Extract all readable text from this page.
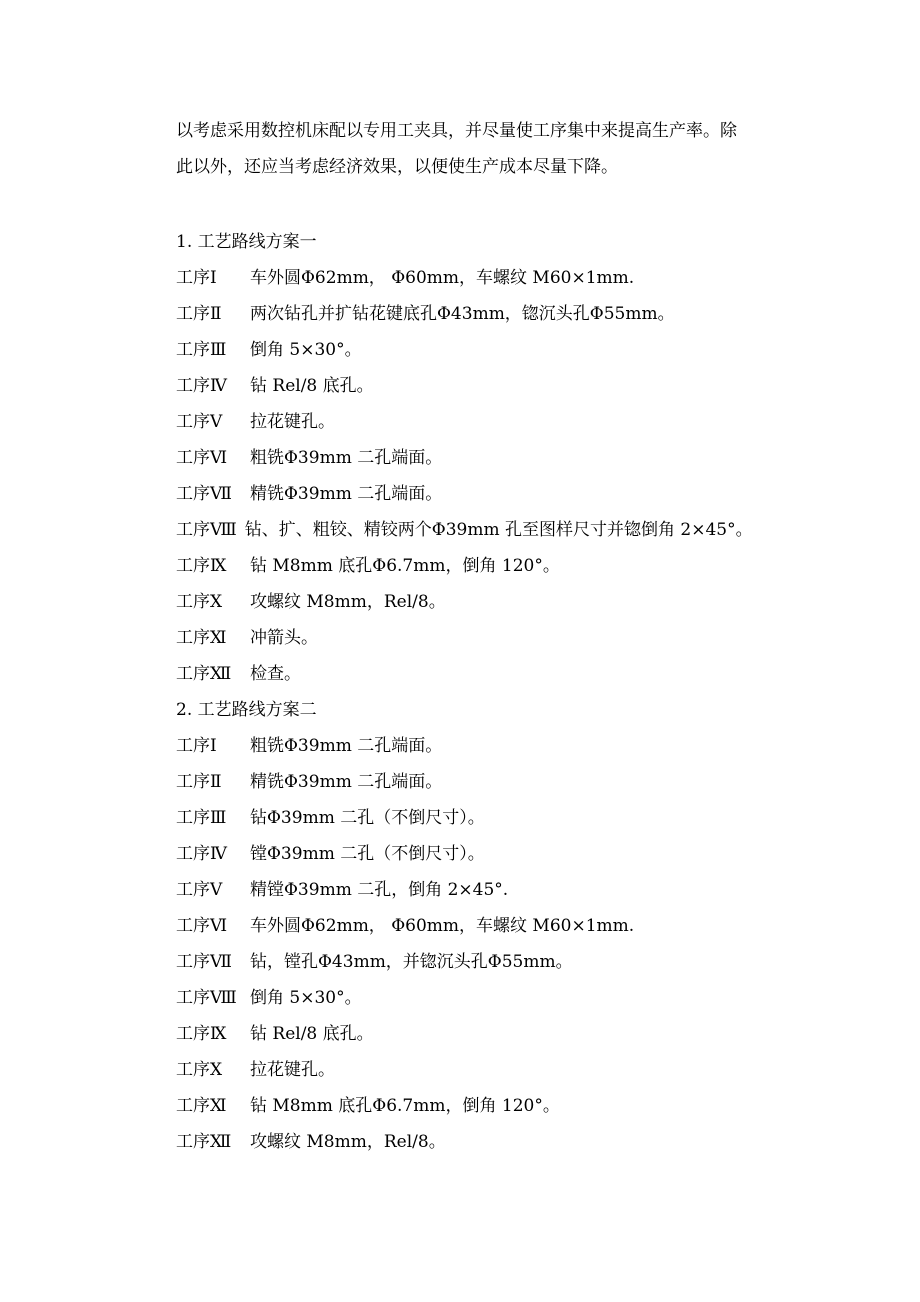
以考虑采用数控机床配以专用工夹具，并尽量使工序集中来提高生产率。除

此以外，还应当考虑经济效果，以便使生产成本尽量下降。

1. 工艺路线方案一
工序Ⅰ 车外圆Φ62mm， Φ60mm，车螺纹 M60×1mm.
工序Ⅱ 两次钻孔并扩钻花键底孔Φ43mm，锪沉头孔Φ55mm。
工序Ⅲ 倒角 5×30°。
工序Ⅳ 钻 Rel/8 底孔。
工序Ⅴ 拉花键孔。
工序Ⅵ 粗铣Φ39mm 二孔端面。
工序Ⅶ 精铣Φ39mm 二孔端面。
工序Ⅷ 钻、扩、粗铰、精铰两个Φ39mm 孔至图样尺寸并锪倒角 2×45°。
工序Ⅸ 钻 M8mm 底孔Φ6.7mm，倒角 120°。
工序Ⅹ 攻螺纹 M8mm，Rel/8。
工序Ⅺ 冲箭头。
工序Ⅻ 检查。
2. 工艺路线方案二
工序Ⅰ 粗铣Φ39mm 二孔端面。
工序Ⅱ 精铣Φ39mm 二孔端面。
工序Ⅲ 钻Φ39mm 二孔（不倒尺寸）。
工序Ⅳ 镗Φ39mm 二孔（不倒尺寸）。
工序Ⅴ 精镗Φ39mm 二孔，倒角 2×45°.
工序Ⅵ 车外圆Φ62mm， Φ60mm，车螺纹 M60×1mm.
工序Ⅶ 钻，镗孔Φ43mm，并锪沉头孔Φ55mm。
工序Ⅷ 倒角 5×30°。
工序Ⅸ 钻 Rel/8 底孔。
工序Ⅹ 拉花键孔。
工序Ⅺ 钻 M8mm 底孔Φ6.7mm，倒角 120°。
工序Ⅻ 攻螺纹 M8mm，Rel/8。
